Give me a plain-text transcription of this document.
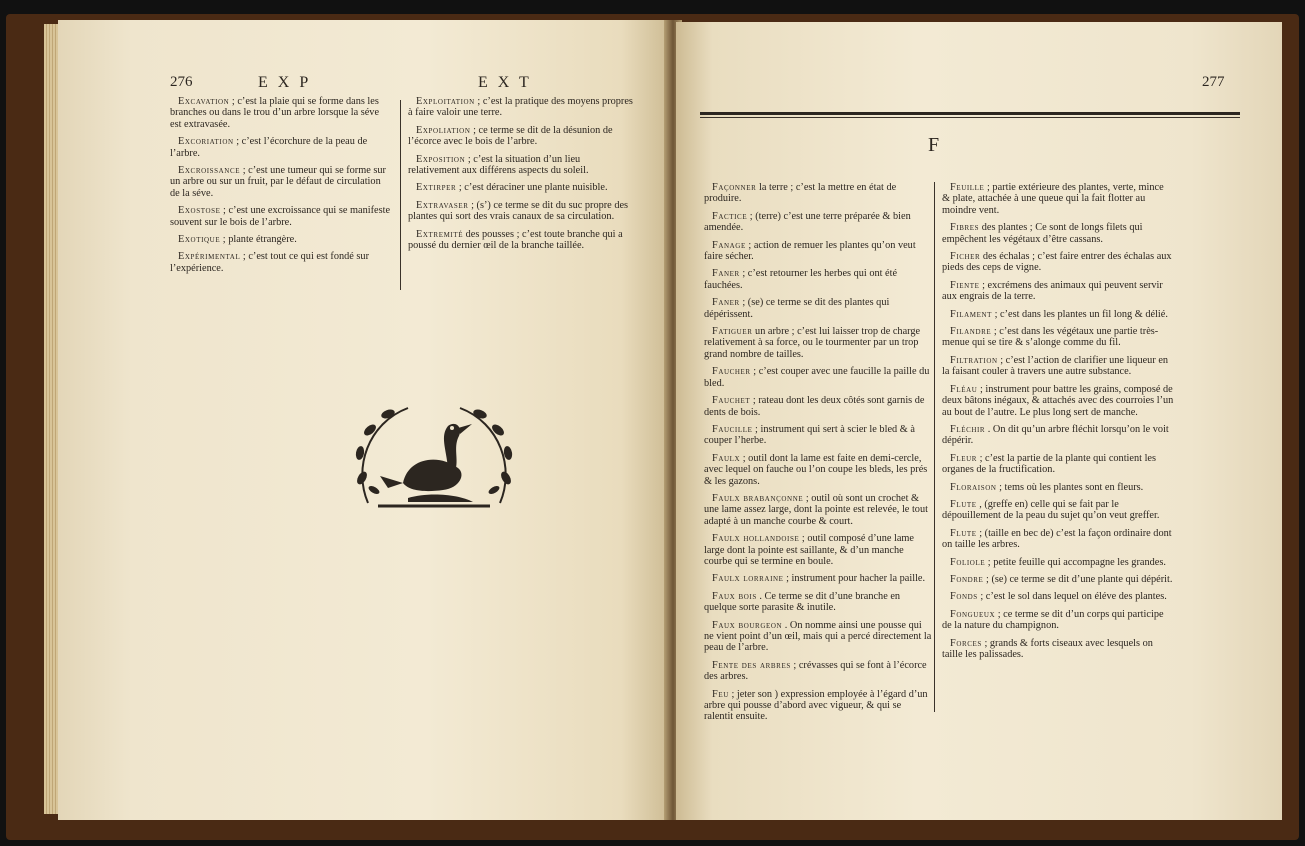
276	E X P	E X T
Excavation ; c’est la plaie qui se forme dans les branches ou dans le trou d’un arbre lorsque la séve est extravasée.
Excoriation ; c’est l’écorchure de la peau de l’arbre.
Excroissance ; c’est une tumeur qui se forme sur un arbre ou sur un fruit, par le défaut de circulation de la séve.
Exostose ; c’est une excroissance qui se manifeste souvent sur le bois de l’arbre.
Exotique ; plante étrangère.
Expérimental ; c’est tout ce qui est fondé sur l’expérience.
Exploitation ; c’est la pratique des moyens propres à faire valoir une terre.
Expoliation ; ce terme se dit de la désunion de l’écorce avec le bois de l’arbre.
Exposition ; c’est la situation d’un lieu relativement aux différens aspects du soleil.
Extirper ; c’est déraciner une plante nuisible.
Extravaser ; (s’) ce terme se dit du suc propre des plantes qui sort des vrais canaux de sa circulation.
Extremité des pousses ; c’est toute branche qui a poussé du dernier œil de la branche taillée.
277
F
Façonner la terre ; c’est la mettre en état de produire.
Factice ; (terre) c’est une terre préparée & bien amendée.
Fanage ; action de remuer les plantes qu’on veut faire sécher.
Faner ; c’est retourner les herbes qui ont été fauchées.
Faner ; (se) ce terme se dit des plantes qui dépérissent.
Fatiguer un arbre ; c’est lui laisser trop de charge relativement à sa force, ou le tourmenter par un trop grand nombre de tailles.
Faucher ; c’est couper avec une faucille la paille du bled.
Fauchet ; rateau dont les deux côtés sont garnis de dents de bois.
Faucille ; instrument qui sert à scier le bled & à couper l’herbe.
Faulx ; outil dont la lame est faite en demi-cercle, avec lequel on fauche ou l’on coupe les bleds, les prés & les gazons.
Faulx brabançonne ; outil où sont un crochet & une lame assez large, dont la pointe est relevée, le tout adapté à un manche courbe & court.
Faulx hollandoise ; outil composé d’une lame large dont la pointe est saillante, & d’un manche courbe qui se termine en boule.
Faulx lorraine ; instrument pour hacher la paille.
Faux bois . Ce terme se dit d’une branche en quelque sorte parasite & inutile.
Faux bourgeon . On nomme ainsi une pousse qui ne vient point d’un œil, mais qui a percé directement la peau de l’arbre.
Fente des arbres ; crévasses qui se font à l’écorce des arbres.
Feu ; jeter son ) expression employée à l’égard d’un arbre qui pousse d’abord avec vigueur, & qui se ralentit ensuite.
Feuille ; partie extérieure des plantes, verte, mince & plate, attachée à une queue qui la fait flotter au moindre vent.
Fibres des plantes ; Ce sont de longs filets qui empêchent les végétaux d’être cassans.
Ficher des échalas ; c’est faire entrer des échalas aux pieds des ceps de vigne.
Fiente ; excrémens des animaux qui peuvent servir aux engrais de la terre.
Filament ; c’est dans les plantes un fil long & délié.
Filandre ; c’est dans les végétaux une partie très-menue qui se tire & s’alonge comme du fil.
Filtration ; c’est l’action de clarifier une liqueur en la faisant couler à travers une autre substance.
Fléau ; instrument pour battre les grains, composé de deux bâtons inégaux, & attachés avec des courroies l’un au bout de l’autre. Le plus long sert de manche.
Fléchir . On dit qu’un arbre fléchit lorsqu’on le voit dépérir.
Fleur ; c’est la partie de la plante qui contient les organes de la fructification.
Floraison ; tems où les plantes sont en fleurs.
Flute , (greffe en) celle qui se fait par le dépouillement de la peau du sujet qu’on veut greffer.
Flute ; (taille en bec de) c’est la façon ordinaire dont on taille les arbres.
Foliole ; petite feuille qui accompagne les grandes.
Fondre ; (se) ce terme se dit d’une plante qui dépérit.
Fonds ; c’est le sol dans lequel on éléve des plantes.
Fongueux ; ce terme se dit d’un corps qui participe de la nature du champignon.
Forces ; grands & forts ciseaux avec lesquels on taille les palissades.
